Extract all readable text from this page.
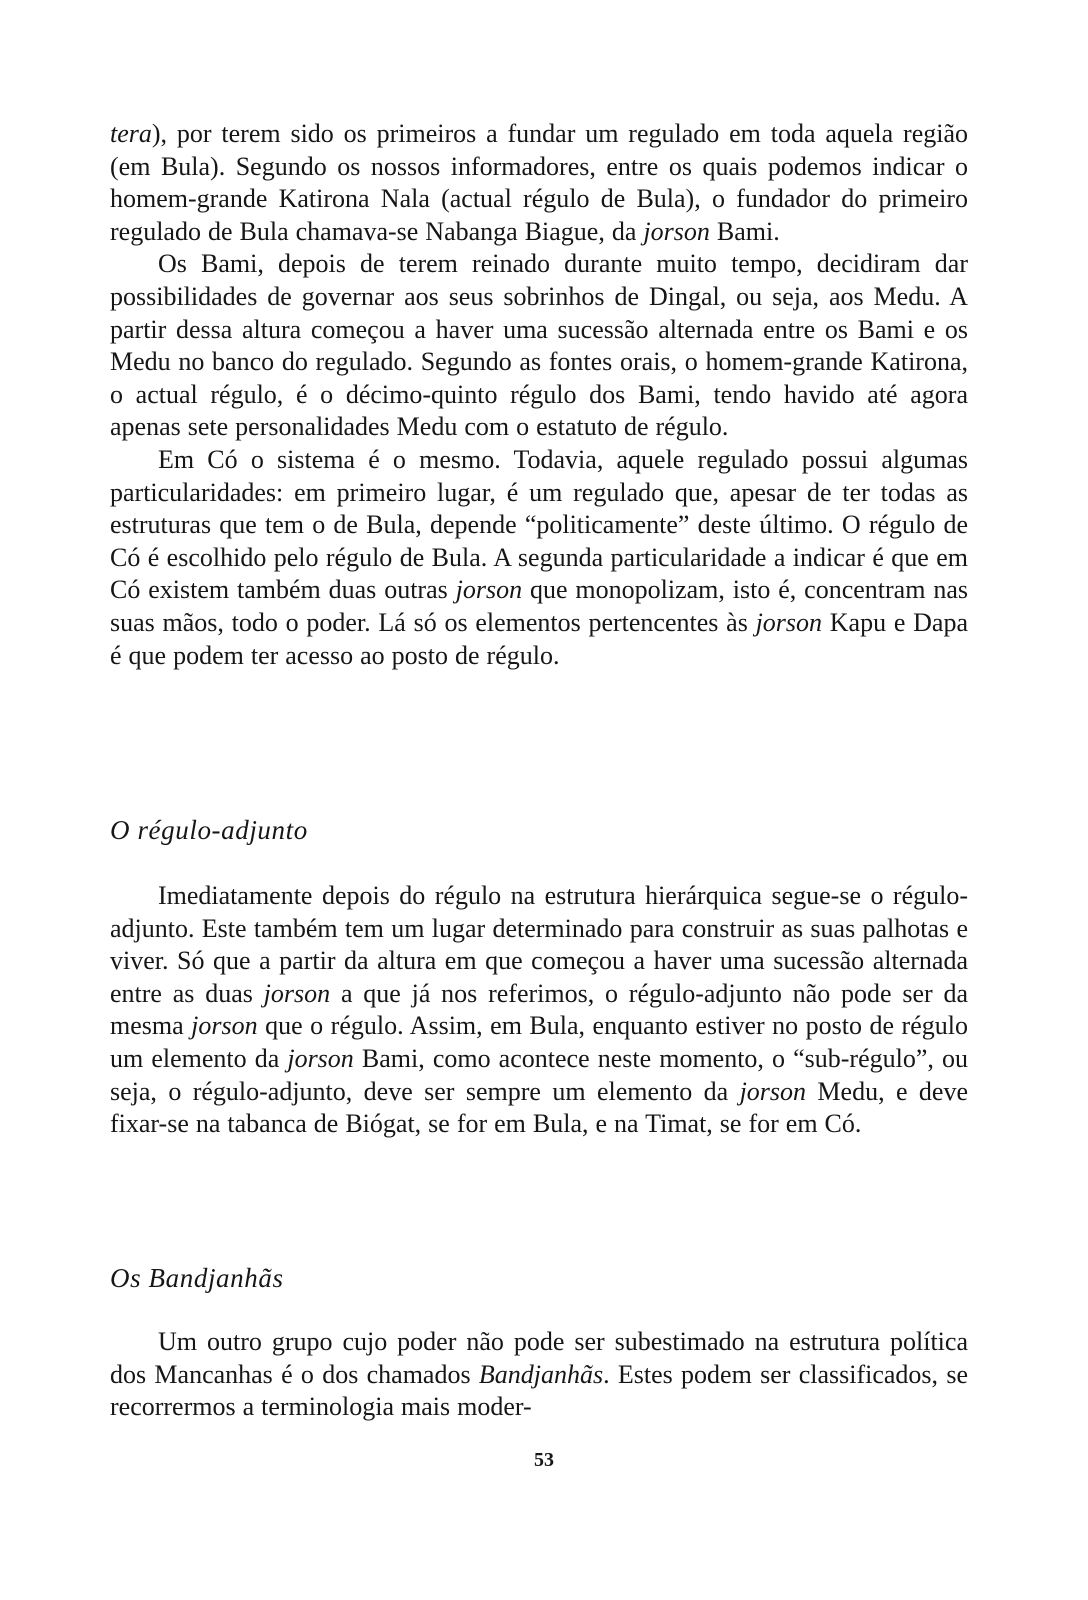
tera), por terem sido os primeiros a fundar um regulado em toda aquela região (em Bula). Segundo os nossos informadores, entre os quais podemos indicar o homem-grande Katirona Nala (actual régulo de Bula), o fundador do primeiro regulado de Bula chamava-se Nabanga Biague, da jorson Bami.

Os Bami, depois de terem reinado durante muito tempo, decidiram dar possibilidades de governar aos seus sobrinhos de Dingal, ou seja, aos Medu. A partir dessa altura começou a haver uma sucessão alternada entre os Bami e os Medu no banco do regulado. Segundo as fontes orais, o homem-grande Katirona, o actual régulo, é o décimo-quinto régulo dos Bami, tendo havido até agora apenas sete personalidades Medu com o estatuto de régulo.

Em Có o sistema é o mesmo. Todavia, aquele regulado possui algumas particularidades: em primeiro lugar, é um regulado que, apesar de ter todas as estruturas que tem o de Bula, depende “politicamente” deste último. O régulo de Có é escolhido pelo régulo de Bula. A segunda particularidade a indicar é que em Có existem também duas outras jorson que monopolizam, isto é, concentram nas suas mãos, todo o poder. Lá só os elementos pertencentes às jorson Kapu e Dapa é que podem ter acesso ao posto de régulo.

O régulo-adjunto

Imediatamente depois do régulo na estrutura hierárquica segue-se o régulo-adjunto. Este também tem um lugar determinado para construir as suas palhotas e viver. Só que a partir da altura em que começou a haver uma sucessão alternada entre as duas jorson a que já nos referimos, o régulo-adjunto não pode ser da mesma jorson que o régulo. Assim, em Bula, enquanto estiver no posto de régulo um elemento da jorson Bami, como acontece neste momento, o “sub-régulo”, ou seja, o régulo-adjunto, deve ser sempre um elemento da jorson Medu, e deve fixar-se na tabanca de Biógat, se for em Bula, e na Timat, se for em Có.

Os Bandjanhãs

Um outro grupo cujo poder não pode ser subestimado na estrutura política dos Mancanhas é o dos chamados Bandjanhãs. Estes podem ser classificados, se recorrermos a terminologia mais moder-

53
